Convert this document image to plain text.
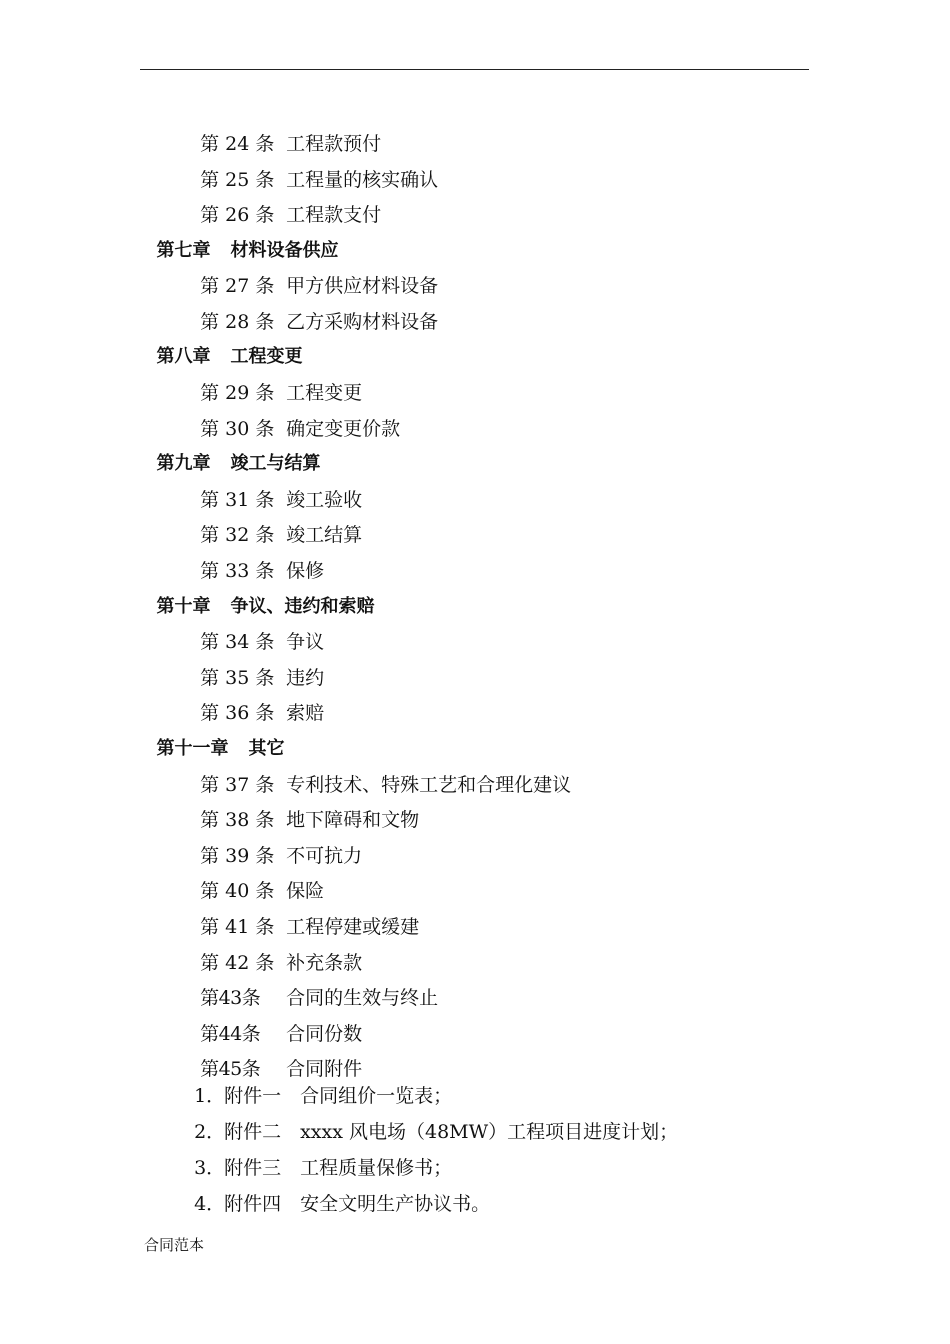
第 24 条 工程款预付

第 25 条 工程量的核实确认

第 26 条 工程款支付

第七章 材料设备供应

第 27 条 甲方供应材料设备

第 28 条 乙方采购材料设备

第八章 工程变更

第 29 条 工程变更

第 30 条 确定变更价款

第九章 竣工与结算

第 31 条 竣工验收

第 32 条 竣工结算

第 33 条 保修

第十章 争议、违约和索赔

第 34 条 争议

第 35 条 违约

第 36 条 索赔

第十一章 其它

第 37 条 专利技术、特殊工艺和合理化建议

第 38 条 地下障碍和文物

第 39 条 不可抗力

第 40 条 保险

第 41 条 工程停建或缓建

第 42 条 补充条款

第43条 合同的生效与终止

第44条 合同份数

第45条 合同附件

1．附件一 合同组价一览表；

2．附件二 xxxx 风电场（48MW）工程项目进度计划；

3．附件三 工程质量保修书；

4．附件四 安全文明生产协议书。

合同范本
